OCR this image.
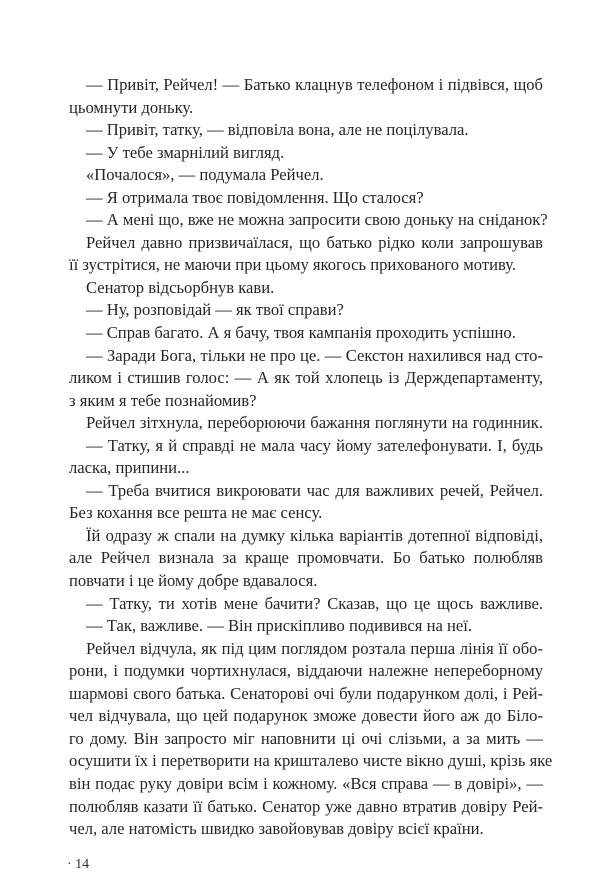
— Привіт, Рейчел! — Батько клацнув телефоном і підвівся, щоб
цьомнути доньку.
— Привіт, татку, — відповіла вона, але не поцілувала.
— У тебе змарнілий вигляд.
«Почалося», — подумала Рейчел.
— Я отримала твоє повідомлення. Що сталося?
— А мені що, вже не можна запросити свою доньку на сніданок?
Рейчел давно призвичаїлася, що батько рідко коли запрошував
її зустрітися, не маючи при цьому якогось прихованого мотиву.
Сенатор відсьорбнув кави.
— Ну, розповідай — як твої справи?
— Справ багато. А я бачу, твоя кампанія проходить успішно.
— Заради Бога, тільки не про це. — Секстон нахилився над сто-
ликом і стишив голос: — А як той хлопець із Держдепартаменту,
з яким я тебе познайомив?
Рейчел зітхнула, переборюючи бажання поглянути на годинник.
— Татку, я й справді не мала часу йому зателефонувати. І, будь
ласка, припини...
— Треба вчитися викроювати час для важливих речей, Рейчел.
Без кохання все решта не має сенсу.
Їй одразу ж спали на думку кілька варіантів дотепної відповіді,
але Рейчел визнала за краще промовчати. Бо батько полюбляв
повчати і це йому добре вдавалося.
— Татку, ти хотів мене бачити? Сказав, що це щось важливе.
— Так, важливе. — Він прискіпливо подивився на неї.
Рейчел відчула, як під цим поглядом розтала перша лінія її обо-
рони, і подумки чортихнулася, віддаючи належне непереборному
шармові свого батька. Сенаторові очі були подарунком долі, і Рей-
чел відчувала, що цей подарунок зможе довести його аж до Біло-
го дому. Він запросто міг наповнити ці очі слізьми, а за мить —
осушити їх і перетворити на кришталево чисте вікно душі, крізь яке
він подає руку довіри всім і кожному. «Вся справа — в довірі», —
полюбляв казати її батько. Сенатор уже давно втратив довіру Рей-
чел, але натомість швидко завойовував довіру всієї країни.
· 14
